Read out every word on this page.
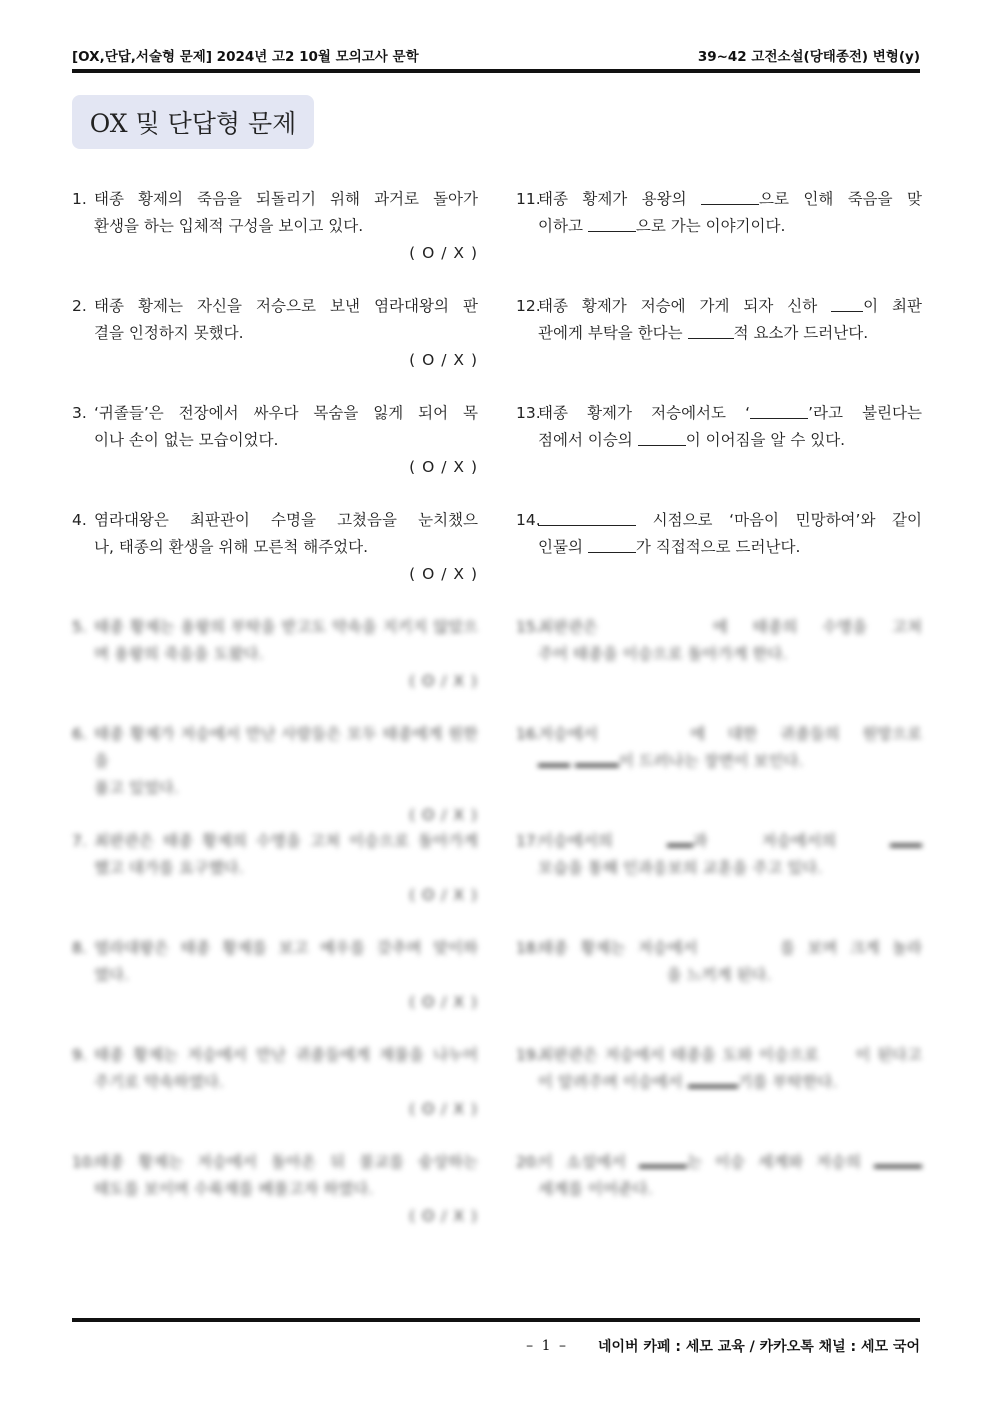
[OX,단답,서술형 문제] 2024년 고2 10월 모의고사 문학	39~42 고전소설(당태종전) 변형(y)
OX 및 단답형 문제
1. 태종 황제의 죽음을 되돌리기 위해 과거로 돌아가
환생을 하는 입체적 구성을 보이고 있다.
( O / X )
2. 태종 황제는 자신을 저승으로 보낸 염라대왕의 판
결을 인정하지 못했다.
( O / X )
3. ‘귀졸들’은 전장에서 싸우다 목숨을 잃게 되어 목
이나 손이 없는 모습이었다.
( O / X )
4. 염라대왕은 최판관이 수명을 고쳤음을 눈치챘으
나, 태종의 환생을 위해 모른척 해주었다.
( O / X )
5. 태종 황제는 용왕의 부탁을 받고도 약속을 지키지 않았으
며 용왕의 죽음을 도왔다.
( O / X )
6. 태종 황제가 저승에서 만난 사람들은 모두 태종에게 원한을
품고 있었다.
( O / X )
7. 최판관은 태종 황제의 수명을 고쳐 이승으로 돌아가게
했고 대가를 요구했다.
( O / X )
8. 염라대왕은 태종 황제를 보고 예우를 갖추며 맞이하
였다.
( O / X )
9. 태종 황제는 저승에서 만난 귀졸들에게 재물을 나누어
주기로 약속하였다.
( O / X )
10.
태종 황제는 저승에서 돌아온 뒤 불교를 숭상하는
태도를 보이며 수륙재를 베풀고자 하였다.
( O / X )
11.
태종 황제가 용왕의	으로 인해 죽음을 맞
이하고	으로 가는 이야기이다.
12.
태종 황제가 저승에 가게 되자 신하	이 최판
관에게 부탁을 한다는	적 요소가 드러난다.
13.
태종 황제가 저승에서도 ‘	’라고 불린다는
점에서 이승의	이 이어짐을 알 수 있다.
14.	시점으로 ‘마음이 민망하여’와 같이
인물의	가 직접적으로 드러난다.
15.
최판관은	에 태종의 수명을 고쳐
주어 태종을 이승으로 돌아가게 한다.
16.
저승에서	에 대한 귀졸들의 원망으로
이 드러나는 장면이 보인다.
17.
이승에서의	과 저승에서의
모습을 통해 인과응보의 교훈을 주고 있다.
18.
태종 황제는 저승에서	를 보며 크게 놀라
을 느끼게 된다.
19.
최판관은 저승에서 태종을 도와 이승으로 이 된다고
이 알려주며 이승에서	기를 부탁한다.
20.
이 소설에서	는 이승 세계와 저승의
세계를 이어준다.
– 1 – 네이버 카페 : 세모 교육 / 카카오톡 채널 : 세모 국어
